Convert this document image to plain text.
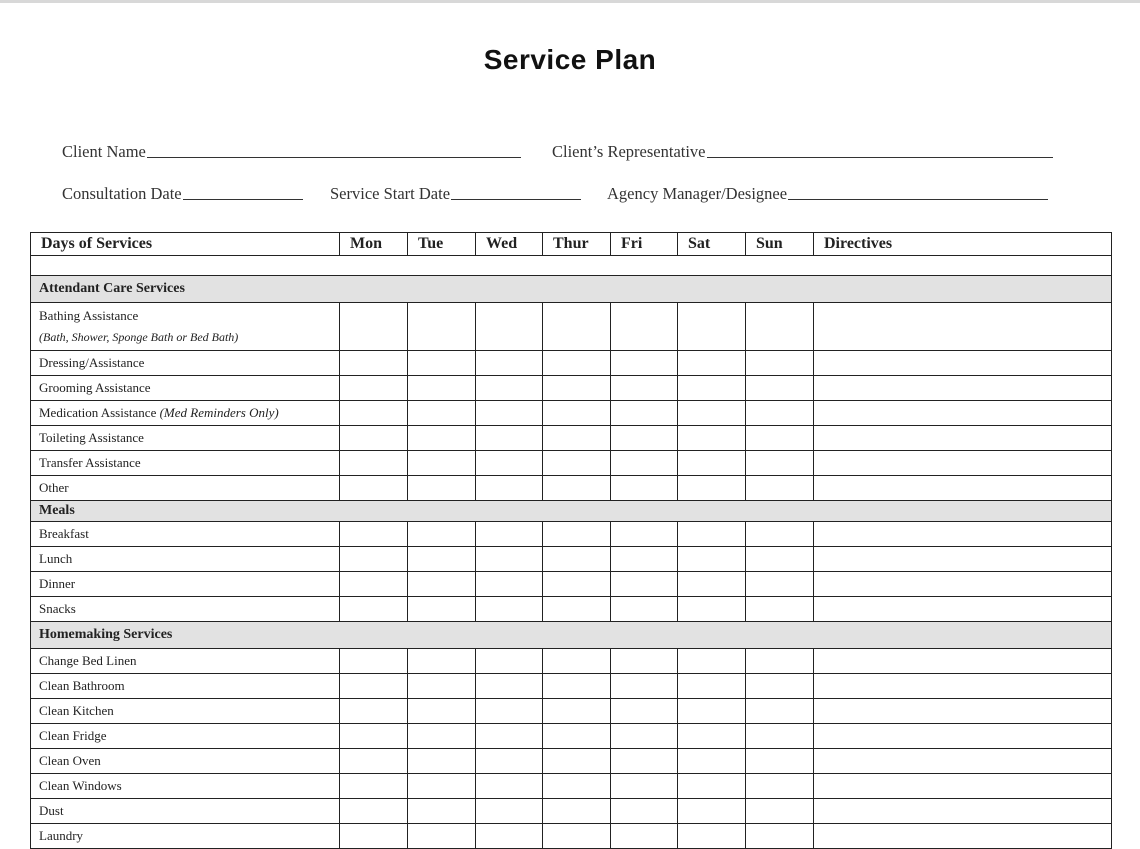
Service Plan
Client Name	Client’s Representative
Consultation Date	Service Start Date	Agency Manager/Designee
Days of Services	Mon	Tue	Wed	Thur	Fri	Sat	Sun	Directives

Attendant Care Services								
Bathing Assistance
(Bath, Shower, Sponge Bath or Bed Bath)								

Dressing/Assistance								
Grooming Assistance								
Medication Assistance (Med Reminders Only)								
Toileting Assistance								
Transfer Assistance								
Other								
Meals								
Breakfast								
Lunch								
Dinner								
Snacks								
Homemaking Services								
Change Bed Linen								
Clean Bathroom								
Clean Kitchen								
Clean Fridge								
Clean Oven								
Clean Windows								
Dust								
Laundry								
